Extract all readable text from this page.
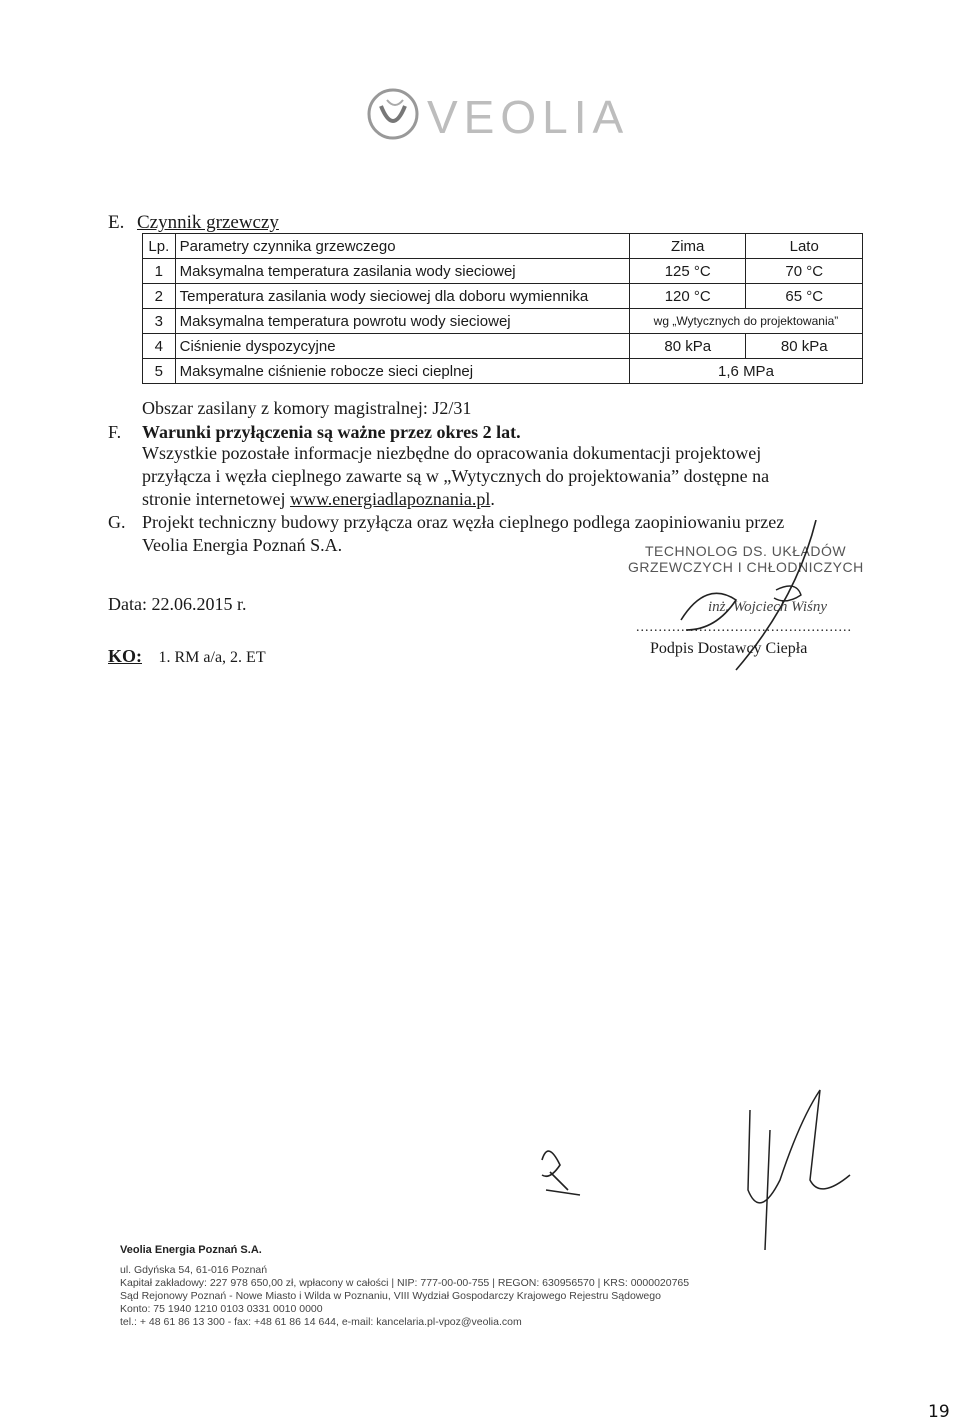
VEOLIA
E. Czynnik grzewczy
Lp.	Parametry czynnika grzewczego	Zima	Lato
1	Maksymalna temperatura zasilania wody sieciowej	125 °C	70 °C
2	Temperatura zasilania wody sieciowej dla doboru wymiennika	120 °C	65 °C
3	Maksymalna temperatura powrotu wody sieciowej	wg „Wytycznych do projektowania”	
4	Ciśnienie dyspozycyjne	80 kPa	80 kPa
5	Maksymalne ciśnienie robocze sieci cieplnej	1,6 MPa	
Obszar zasilany z komory magistralnej: J2/31
F. Warunki przyłączenia są ważne przez okres 2 lat.
Wszystkie pozostałe informacje niezbędne do opracowania dokumentacji projektowej
przyłącza i węzła cieplnego zawarte są w „Wytycznych do projektowania” dostępne na
stronie internetowej www.energiadlapoznania.pl.
G. Projekt techniczny budowy przyłącza oraz węzła cieplnego podlega zaopiniowaniu przez
Veolia Energia Poznań S.A.	TECHNOLOG DS. UKŁADÓW
GRZEWCZYCH I CHŁODNICZYCH
inż. Wojciech Wiśny
Data: 22.06.2015 r.
KO: 1. RM a/a, 2. ET
................................................
Podpis Dostawcy Ciepła
Veolia Energia Poznań S.A.
ul. Gdyńska 54, 61-016 Poznań
Kapitał zakładowy: 227 978 650,00 zł, wpłacony w całości | NIP: 777-00-00-755 | REGON: 630956570 | KRS: 0000020765
Sąd Rejonowy Poznań - Nowe Miasto i Wilda w Poznaniu, VIII Wydział Gospodarczy Krajowego Rejestru Sądowego
Konto: 75 1940 1210 0103 0331 0010 0000
tel.: + 48 61 86 13 300 - fax: +48 61 86 14 644, e-mail: kancelaria.pl-vpoz@veolia.com
19
